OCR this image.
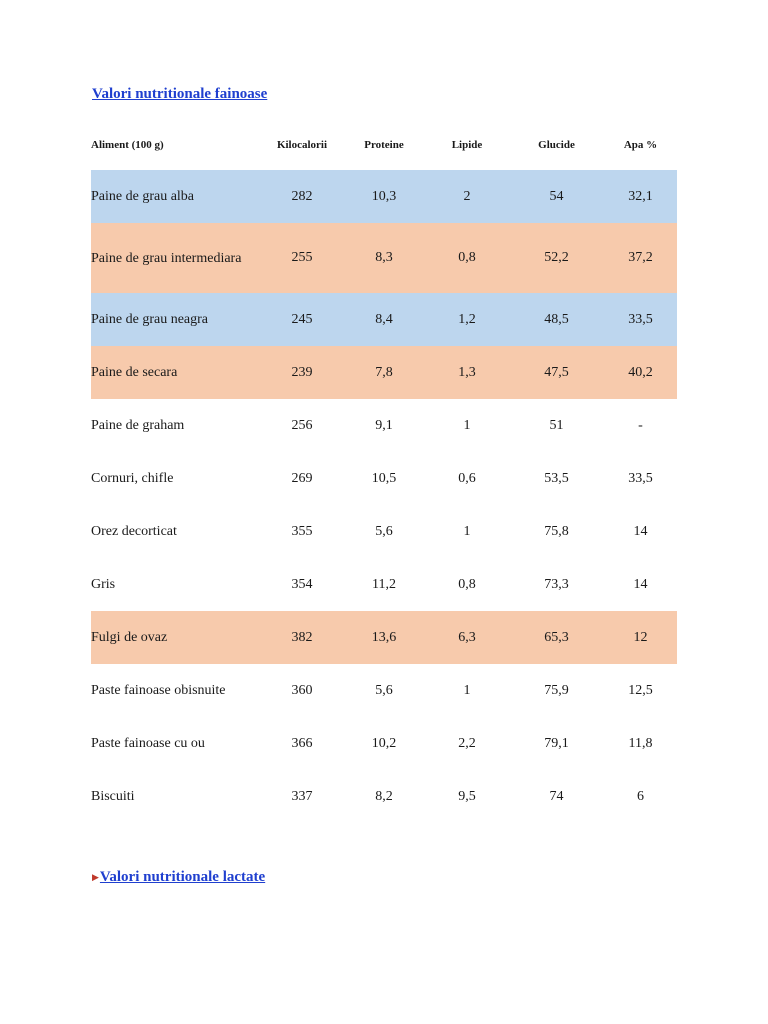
Valori nutritionale fainoase
Aliment (100 g)	Kilocalorii	Proteine	Lipide	Glucide	Apa %
Paine de grau alba	282	10,3	2	54	32,1
Paine de grau intermediara	255	8,3	0,8	52,2	37,2
Paine de grau neagra	245	8,4	1,2	48,5	33,5
Paine de secara	239	7,8	1,3	47,5	40,2
Paine de graham	256	9,1	1	51	-
Cornuri, chifle	269	10,5	0,6	53,5	33,5
Orez decorticat	355	5,6	1	75,8	14
Gris	354	11,2	0,8	73,3	14
Fulgi de ovaz	382	13,6	6,3	65,3	12
Paste fainoase obisnuite	360	5,6	1	75,9	12,5
Paste fainoase cu ou	366	10,2	2,2	79,1	11,8
Biscuiti	337	8,2	9,5	74	6
▶Valori nutritionale lactate
